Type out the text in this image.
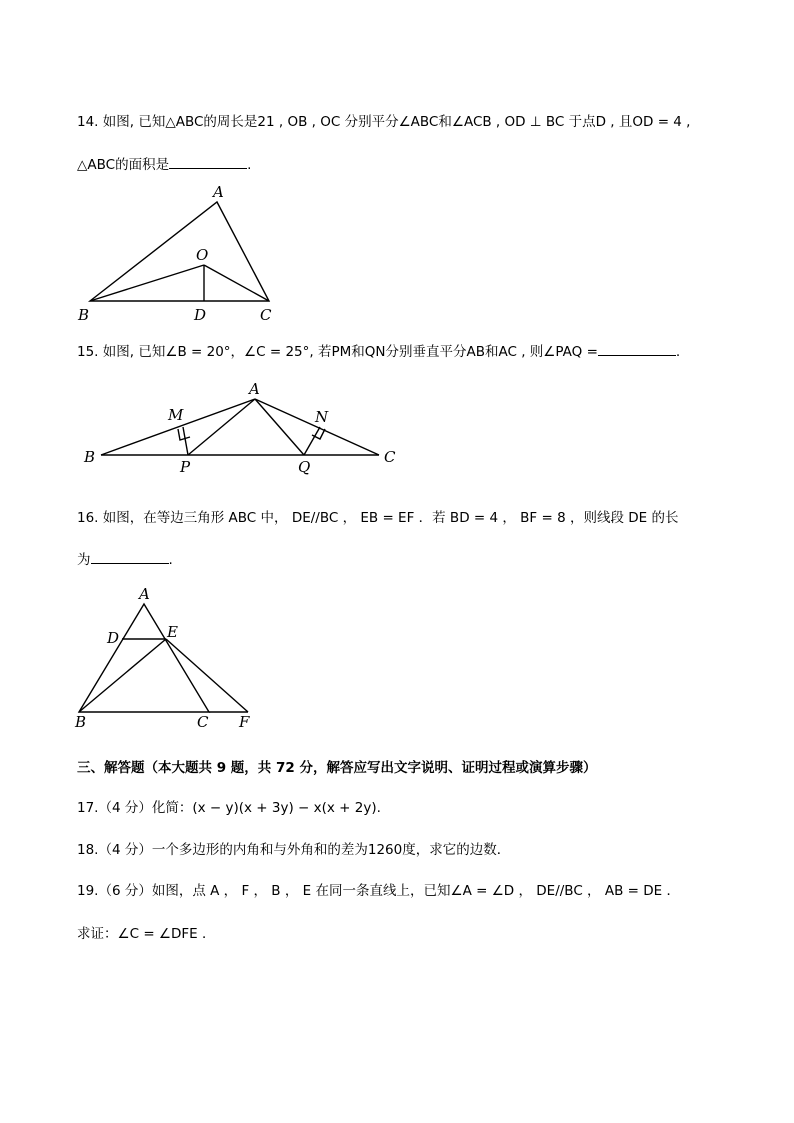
14. 如图, 已知△ABC的周长是21 , OB , OC 分别平分∠ABC和∠ACB , OD ⊥ BC 于点D , 且OD = 4 ,
△ABC的面积是	.
A
O
B	D	C
15. 如图, 已知∠B = 20°，∠C = 25°, 若PM和QN分别垂直平分AB和AC , 则∠PAQ =	.
A
M	N
B
P	Q
C
16. 如图，在等边三角形 ABC 中， DE//BC ， EB = EF ．若 BD = 4 ， BF = 8 ，则线段 DE 的长
为	.
A
D	E
B	C F
三、解答题（本大题共 9 题，共 72 分，解答应写出文字说明、证明过程或演算步骤）
17.（4 分）化简：(x − y)(x + 3y) − x(x + 2y).
18.（4 分）一个多边形的内角和与外角和的差为1260度，求它的边数．
19.（6 分）如图，点 A ， F ， B ， E 在同一条直线上，已知∠A = ∠D ， DE//BC ， AB = DE ．
求证：∠C = ∠DFE ．
